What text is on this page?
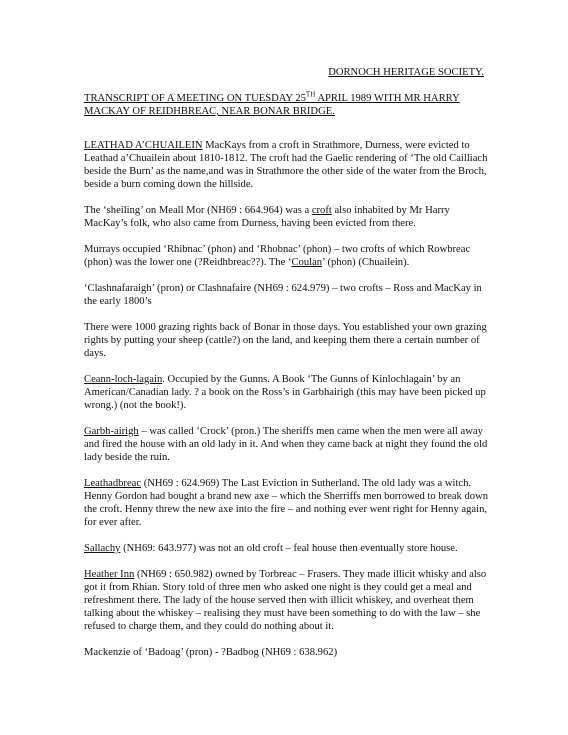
DORNOCH HERITAGE SOCIETY.
TRANSCRIPT OF A MEETING ON TUESDAY 25TH APRIL 1989 WITH MR HARRY MACKAY OF REIDHBREAC, NEAR BONAR BRIDGE.

LEATHAD A’CHUAILEIN MacKays from a croft in Strathmore, Durness, were evicted to Leathad a’Chuailein about 1810-1812. The croft had the Gaelic rendering of ‘The old Cailliach beside the Burn’ as the name,and was in Strathmore the other side of the water from the Broch, beside a burn coming down the hillside.

The ‘sheiling’ on Meall Mor (NH69 : 664.964) was a croft also inhabited by Mr Harry MacKay’s folk, who also came from Durness, having been evicted from there.

Murrays occupied ‘Rhibnac’ (phon) and ‘Rhobnac’ (phon) – two crofts of which Rowbreac (phon) was the lower one (?Reidhbreac??). The ‘Coulan’ (phon) (Chuailein).

‘Clashnafaraigh’ (pron) or Clashnafaire (NH69 : 624.979) – two crofts – Ross and MacKay in the early 1800’s

There were 1000 grazing rights back of Bonar in those days. You established your own grazing rights by putting your sheep (cattle?) on the land, and keeping them there a certain number of days.

Ceann-loch-lagain. Occupied by the Gunns. A Book ‘The Gunns of Kinlochlagain’ by an American/Canadian lady. ? a book on the Ross’s in Garbhairigh (this may have been picked up wrong.) (not the book!).

Garbh-airigh – was called ‘Crock’ (pron.) The sheriffs men came when the men were all away and fired the house with an old lady in it. And when they came back at night they found the old lady beside the ruin.

Leathadbreac (NH69 : 624.969) The Last Eviction in Sutherland. The old lady was a witch. Henny Gordon had bought a brand new axe – which the Sherriffs men borrowed to break down the croft. Henny threw the new axe into the fire – and nothing ever went right for Henny again, for ever after.

Sallachy (NH69: 643.977) was not an old croft – feal house then eventually store house.

Heather Inn (NH69 : 650.982) owned by Torbreac – Frasers. They made illicit whisky and also got it from Rhian. Story told of three men who asked one night is they could get a meal and refreshment there. The lady of the house served then with illicit whiskey, and overheat them talking about the whiskey – realising they must have been something to do with the law – she refused to charge them, and they could do nothing about it.

Mackenzie of ‘Badoag’ (pron) - ?Badbog (NH69 : 638.962)
